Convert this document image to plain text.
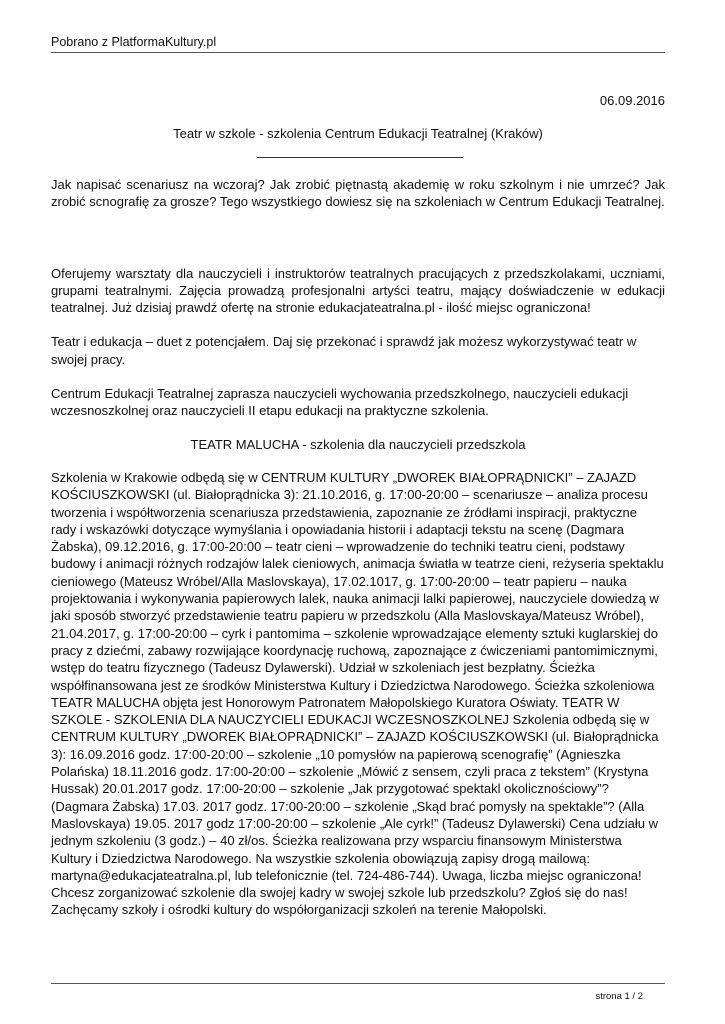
Pobrano z PlatformaKultury.pl
06.09.2016
Teatr w szkole - szkolenia Centrum Edukacji Teatralnej (Kraków)

Jak napisać scenariusz na wczoraj? Jak zrobić piętnastą akademię w roku szkolnym i nie umrzeć? Jak zrobić scnografię za grosze? Tego wszystkiego dowiesz się na szkoleniach w Centrum Edukacji Teatralnej.

Oferujemy warsztaty dla nauczycieli i instruktorów teatralnych pracujących z przedszkolakami, uczniami, grupami teatralnymi. Zajęcia prowadzą profesjonalni artyści teatru, mający doświadczenie w edukacji teatralnej. Już dzisiaj prawdź ofertę na stronie edukacjateatralna.pl - ilość miejsc ograniczona!

Teatr i edukacja – duet z potencjałem. Daj się przekonać i sprawdź jak możesz wykorzystywać teatr w swojej pracy.

Centrum Edukacji Teatralnej zaprasza nauczycieli wychowania przedszkolnego, nauczycieli edukacji wczesnoszkolnej oraz nauczycieli II etapu edukacji na praktyczne szkolenia.

TEATR MALUCHA - szkolenia dla nauczycieli przedszkola

Szkolenia w Krakowie odbędą się w CENTRUM KULTURY „DWOREK BIAŁOPRĄDNICKI” – ZAJAZD KOŚCIUSZKOWSKI (ul. Białoprądnicka 3): 21.10.2016, g. 17:00-20:00 – scenariusze – analiza procesu tworzenia i współtworzenia scenariusza przedstawienia, zapoznanie ze źródłami inspiracji, praktyczne rady i wskazówki dotyczące wymyślania i opowiadania historii i adaptacji tekstu na scenę (Dagmara Żabska), 09.12.2016, g. 17:00-20:00 – teatr cieni – wprowadzenie do techniki teatru cieni, podstawy budowy i animacji różnych rodzajów lalek cieniowych, animacja światła w teatrze cieni, reżyseria spektaklu cieniowego (Mateusz Wróbel/Alla Maslovskaya), 17.02.1017, g. 17:00-20:00 – teatr papieru – nauka projektowania i wykonywania papierowych lalek, nauka animacji lalki papierowej, nauczyciele dowiedzą w jaki sposób stworzyć przedstawienie teatru papieru w przedszkolu (Alla Maslovskaya/Mateusz Wróbel), 21.04.2017, g. 17:00-20:00 – cyrk i pantomima – szkolenie wprowadzające elementy sztuki kuglarskiej do pracy z dziećmi, zabawy rozwijające koordynację ruchową, zapoznające z ćwiczeniami pantomimicznymi, wstęp do teatru fizycznego (Tadeusz Dylawerski). Udział w szkoleniach jest bezpłatny. Ścieżka współfinansowana jest ze środków Ministerstwa Kultury i Dziedzictwa Narodowego. Ścieżka szkoleniowa TEATR MALUCHA objęta jest Honorowym Patronatem Małopolskiego Kuratora Oświaty. TEATR W SZKOLE - SZKOLENIA DLA NAUCZYCIELI EDUKACJI WCZESNOSZKOLNEJ Szkolenia odbędą się w CENTRUM KULTURY „DWOREK BIAŁOPRĄDNICKI” – ZAJAZD KOŚCIUSZKOWSKI (ul. Białoprądnicka 3): 16.09.2016 godz. 17:00-20:00 – szkolenie „10 pomysłów na papierową scenografię” (Agnieszka Polańska) 18.11.2016 godz. 17:00-20:00 – szkolenie „Mówić z sensem, czyli praca z tekstem” (Krystyna Hussak) 20.01.2017 godz. 17:00-20:00 – szkolenie „Jak przygotować spektakl okolicznościowy”? (Dagmara Żabska) 17.03. 2017 godz. 17:00-20:00 – szkolenie „Skąd brać pomysły na spektakle”? (Alla Maslovskaya) 19.05. 2017 godz 17:00-20:00 – szkolenie „Ale cyrk!” (Tadeusz Dylawerski) Cena udziału w jednym szkoleniu (3 godz.) – 40 zł/os. Ścieżka realizowana przy wsparciu finansowym Ministerstwa Kultury i Dziedzictwa Narodowego. Na wszystkie szkolenia obowiązują zapisy drogą mailową: martyna@edukacjateatralna.pl, lub telefonicznie (tel. 724-486-744). Uwaga, liczba miejsc ograniczona! Chcesz zorganizować szkolenie dla swojej kadry w swojej szkole lub przedszkolu? Zgłoś się do nas! Zachęcamy szkoły i ośrodki kultury do współorganizacji szkoleń na terenie Małopolski.

strona 1 / 2
